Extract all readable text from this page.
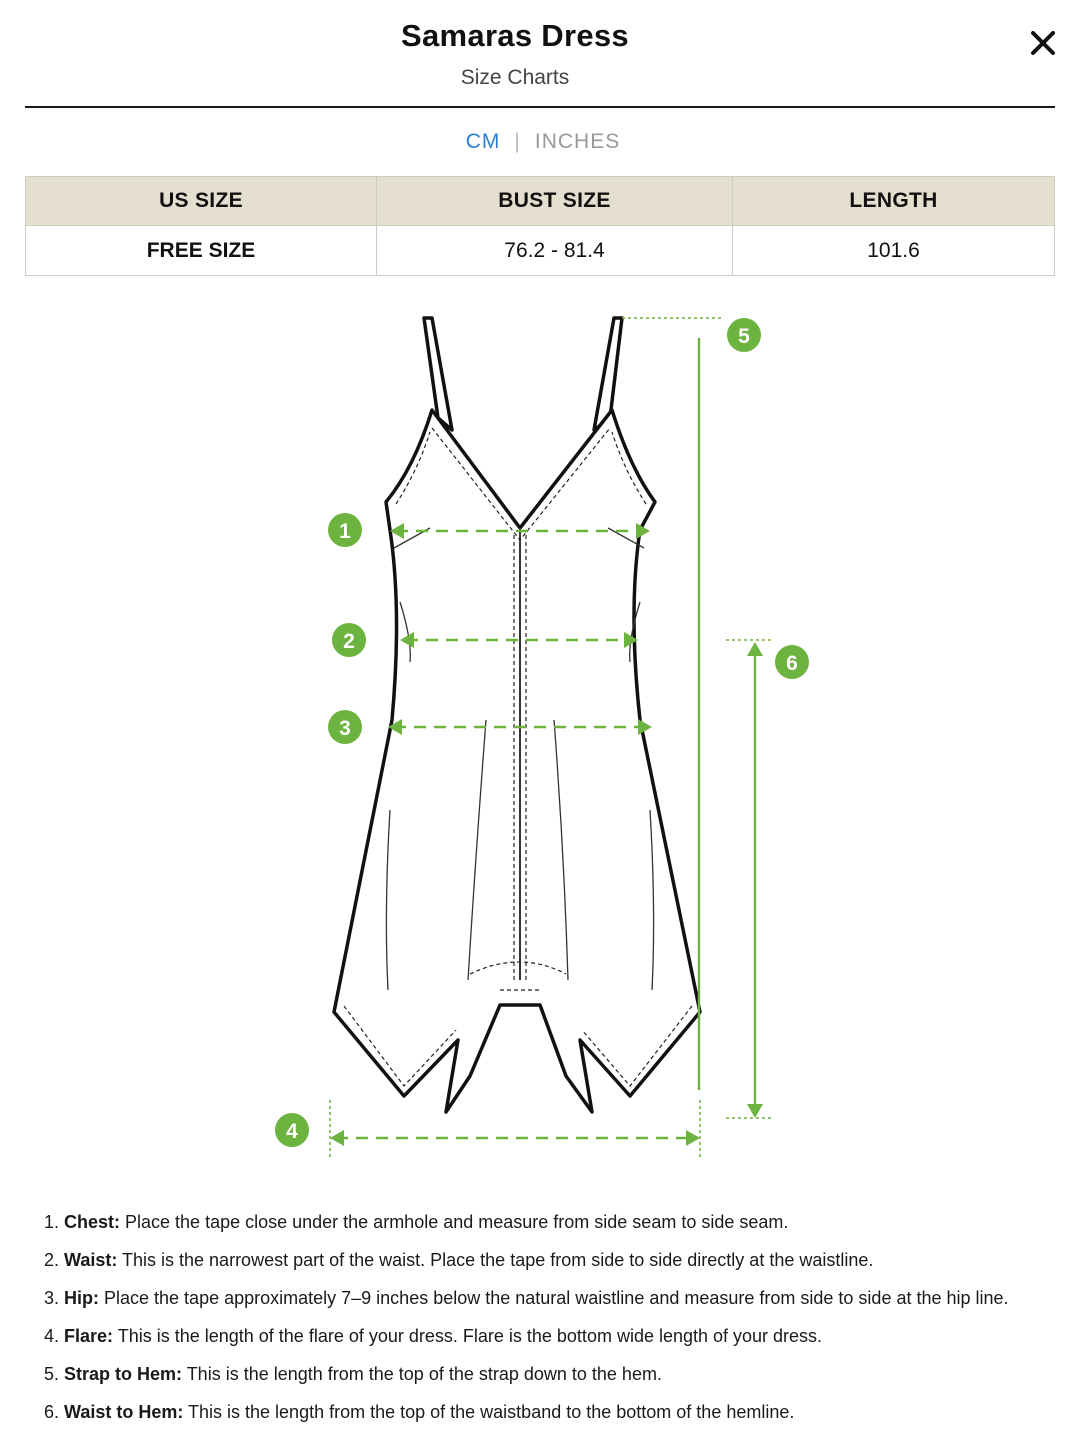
Samaras Dress
Size Charts
CM | INCHES
US SIZE	BUST SIZE	LENGTH
FREE SIZE	76.2 - 81.4	101.6
1
2
3
4
5
6
1. Chest: Place the tape close under the armhole and measure from side seam to side seam.
2. Waist: This is the narrowest part of the waist. Place the tape from side to side directly at the waistline.
3. Hip: Place the tape approximately 7–9 inches below the natural waistline and measure from side to side at the hip line.
4. Flare: This is the length of the flare of your dress. Flare is the bottom wide length of your dress.
5. Strap to Hem: This is the length from the top of the strap down to the hem.
6. Waist to Hem: This is the length from the top of the waistband to the bottom of the hemline.
